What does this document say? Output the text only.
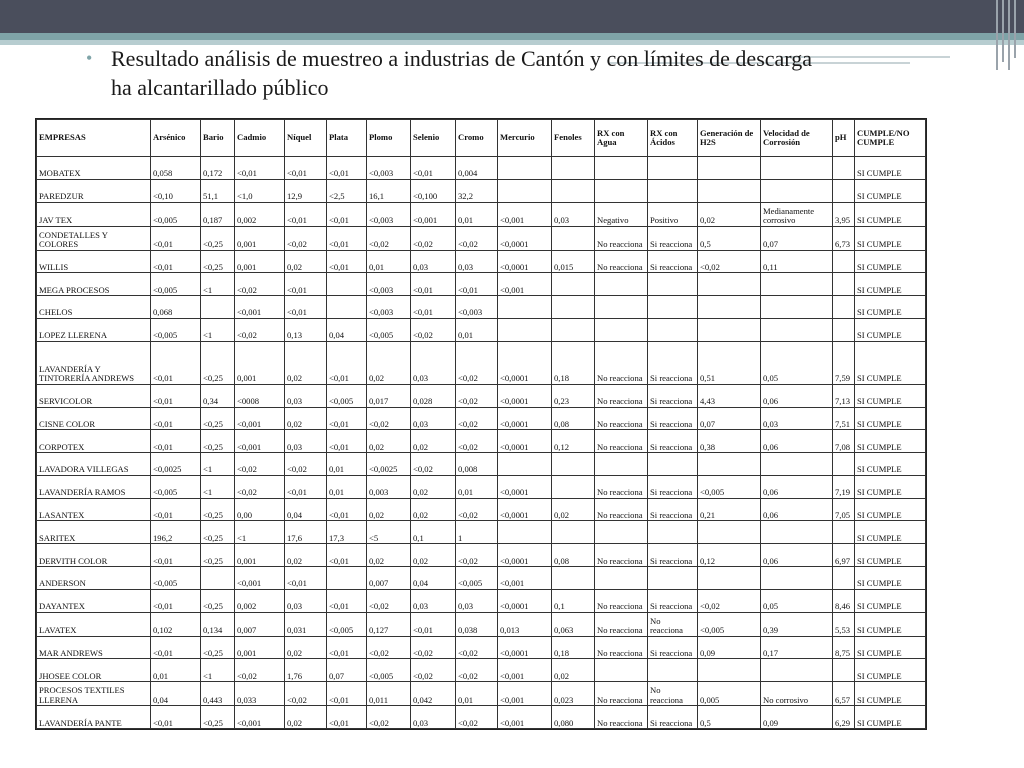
• Resultado análisis de muestreo a industrias de Cantón y con límites de descarga ha alcantarillado público
EMPRESAS	Arsénico	Bario	Cadmio	Níquel	Plata	Plomo	Selenio	Cromo	Mercurio	Fenoles	RX con Agua	RX con Ácidos	Generación de H2S	Velocidad de Corrosión	pH	CUMPLE/NO CUMPLE
MOBATEX	0,058	0,172	<0,01	<0,01	<0,01	<0,003	<0,01	0,004								SI CUMPLE
PAREDZUR	<0,10	51,1	<1,0	12,9	<2,5	16,1	<0,100	32,2								SI CUMPLE
JAV TEX	<0,005	0,187	0,002	<0,01	<0,01	<0,003	<0,001	0,01	<0,001	0,03	Negativo	Positivo	0,02	Medianamente corrosivo	3,95	SI CUMPLE
CONDETALLES Y COLORES	<0,01	<0,25	0,001	<0,02	<0,01	<0,02	<0,02	<0,02	<0,0001		No reacciona	Si reacciona	0,5	0,07	6,73	SI CUMPLE
WILLIS	<0,01	<0,25	0,001	0,02	<0,01	0,01	0,03	0,03	<0,0001	0,015	No reacciona	Si reacciona	<0,02	0,11		SI CUMPLE
MEGA PROCESOS	<0,005	<1	<0,02	<0,01		<0,003	<0,01	<0,01	<0,001							SI CUMPLE
CHELOS	0,068		<0,001	<0,01		<0,003	<0,01	<0,003								SI CUMPLE
LOPEZ LLERENA	<0,005	<1	<0,02	0,13	0,04	<0,005	<0,02	0,01								SI CUMPLE
LAVANDERÍA Y TINTORERÍA ANDREWS	<0,01	<0,25	0,001	0,02	<0,01	0,02	0,03	<0,02	<0,0001	0,18	No reacciona	Si reacciona	0,51	0,05	7,59	SI CUMPLE
SERVICOLOR	<0,01	0,34	<0008	0,03	<0,005	0,017	0,028	<0,02	<0,0001	0,23	No reacciona	Si reacciona	4,43	0,06	7,13	SI CUMPLE
CISNE COLOR	<0,01	<0,25	<0,001	0,02	<0,01	<0,02	0,03	<0,02	<0,0001	0,08	No reacciona	Si reacciona	0,07	0,03	7,51	SI CUMPLE
CORPOTEX	<0,01	<0,25	<0,001	0,03	<0,01	0,02	0,02	<0,02	<0,0001	0,12	No reacciona	Si reacciona	0,38	0,06	7,08	SI CUMPLE
LAVADORA VILLEGAS	<0,0025	<1	<0,02	<0,02	0,01	<0,0025	<0,02	0,008								SI CUMPLE
LAVANDERÍA RAMOS	<0,005	<1	<0,02	<0,01	0,01	0,003	0,02	0,01	<0,0001		No reacciona	Si reacciona	<0,005	0,06	7,19	SI CUMPLE
LASANTEX	<0,01	<0,25	0,00	0,04	<0,01	0,02	0,02	<0,02	<0,0001	0,02	No reacciona	Si reacciona	0,21	0,06	7,05	SI CUMPLE
SARITEX	196,2	<0,25	<1	17,6	17,3	<5	0,1	1								SI CUMPLE
DERVITH COLOR	<0,01	<0,25	0,001	0,02	<0,01	0,02	0,02	<0,02	<0,0001	0,08	No reacciona	Si reacciona	0,12	0,06	6,97	SI CUMPLE
ANDERSON	<0,005		<0,001	<0,01		0,007	0,04	<0,005	<0,001							SI CUMPLE
DAYANTEX	<0,01	<0,25	0,002	0,03	<0,01	<0,02	0,03	0,03	<0,0001	0,1	No reacciona	Si reacciona	<0,02	0,05	8,46	SI CUMPLE
LAVATEX	0,102	0,134	0,007	0,031	<0,005	0,127	<0,01	0,038	0,013	0,063	No reacciona	No reacciona	<0,005	0,39	5,53	SI CUMPLE
MAR ANDREWS	<0,01	<0,25	0,001	0,02	<0,01	<0,02	<0,02	<0,02	<0,0001	0,18	No reacciona	Si reacciona	0,09	0,17	8,75	SI CUMPLE
JHOSEE COLOR	0,01	<1	<0,02	1,76	0,07	<0,005	<0,02	<0,02	<0,001	0,02						SI CUMPLE
PROCESOS TEXTILES LLERENA	0,04	0,443	0,033	<0,02	<0,01	0,011	0,042	0,01	<0,001	0,023	No reacciona	No reacciona	0,005	No corrosivo	6,57	SI CUMPLE
LAVANDERÍA PANTE	<0,01	<0,25	<0,001	0,02	<0,01	<0,02	0,03	<0,02	<0,001	0,080	No reacciona	Si reacciona	0,5	0,09	6,29	SI CUMPLE
